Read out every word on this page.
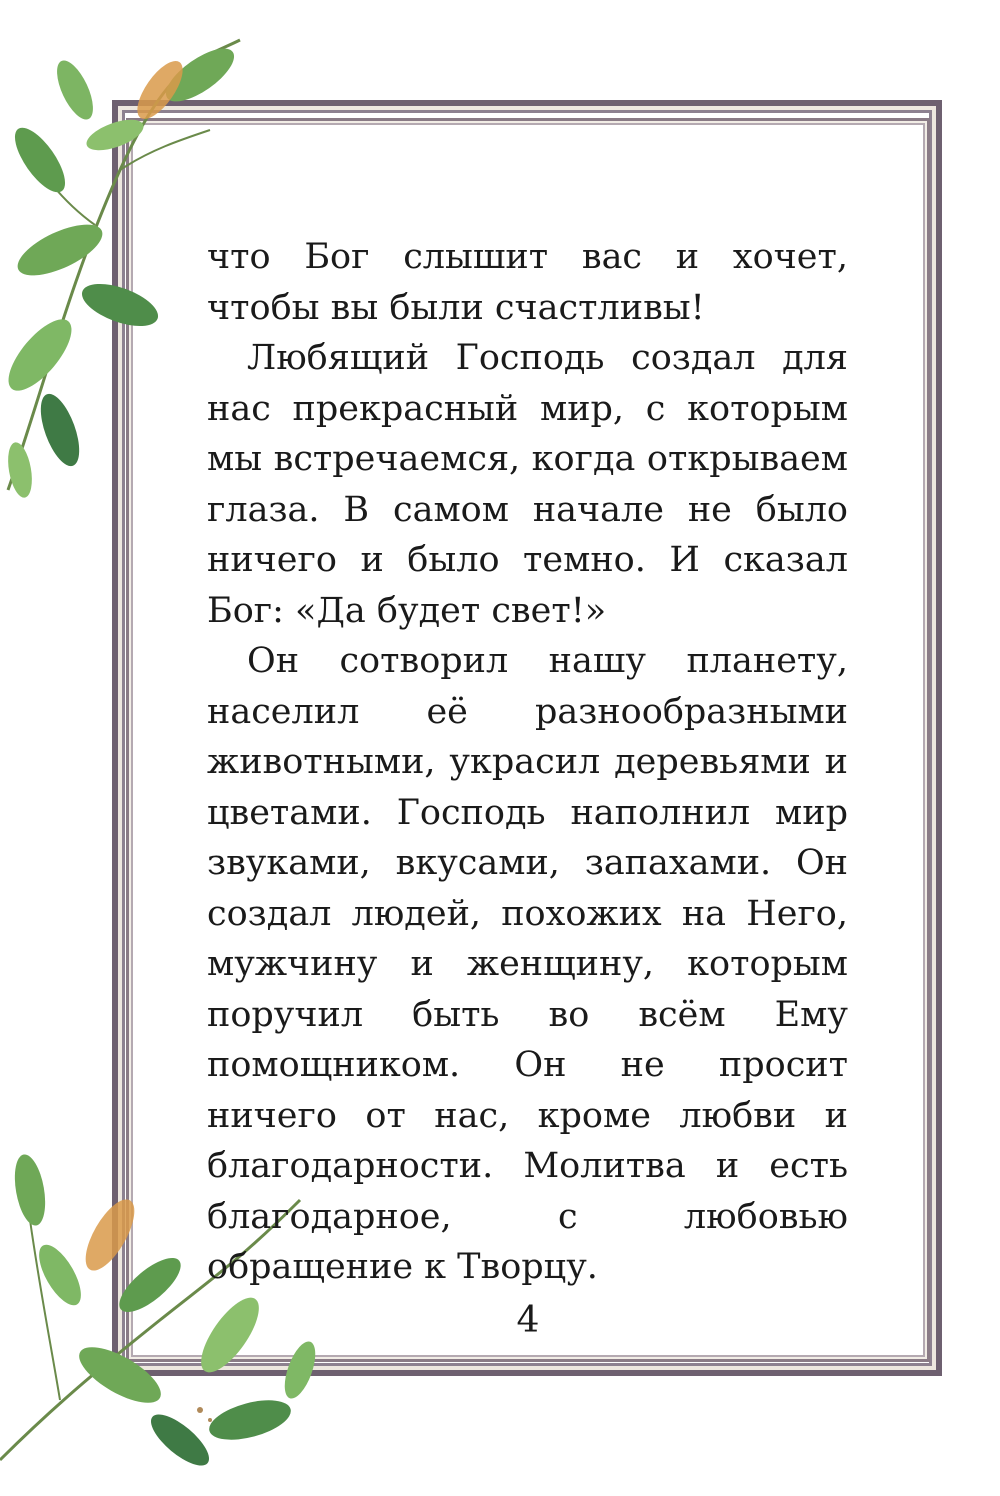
что Бог слышит вас и хочет, чтобы вы были счастливы!

Любящий Господь создал для нас прекрасный мир, с которым мы встречаемся, когда открываем глаза. В самом начале не было ничего и было темно. И сказал Бог: «Да будет свет!»

Он сотворил нашу планету, населил её разнообразными животными, украсил деревьями и цветами. Господь наполнил мир звуками, вкусами, запахами. Он создал людей, похожих на Него, мужчину и женщину, которым поручил быть во всём Ему помощником. Он не просит ничего от нас, кроме любви и благодарности. Молитва и есть благодарное, с любовью обращение к Творцу.

4
